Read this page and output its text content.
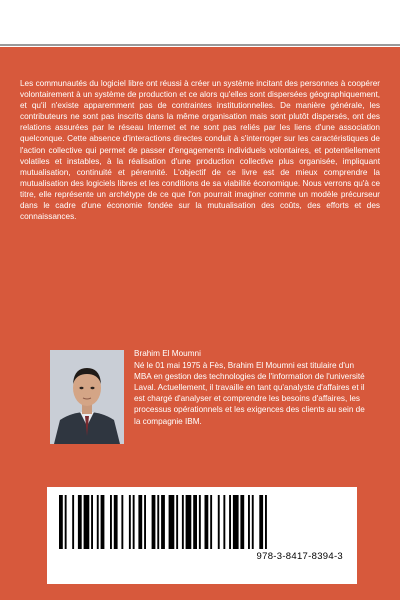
Les communautés du logiciel libre ont réussi à créer un système incitant des personnes à coopérer volontairement à un système de production et ce alors qu'elles sont dispersées géographiquement, et qu'il n'existe apparemment pas de contraintes institutionnelles. De manière générale, les contributeurs ne sont pas inscrits dans la même organisation mais sont plutôt dispersés, ont des relations assurées par le réseau Internet et ne sont pas reliés par les liens d'une association quelconque. Cette absence d'interactions directes conduit à s'interroger sur les caractéristiques de l'action collective qui permet de passer d'engagements individuels volontaires, et potentiellement volatiles et instables, à la réalisation d'une production collective plus organisée, impliquant mutualisation, continuité et pérennité. L'objectif de ce livre est de mieux comprendre la mutualisation des logiciels libres et les conditions de sa viabilité économique. Nous verrons qu'à ce titre, elle représente un archétype de ce que l'on pourrait imaginer comme un modèle précurseur dans le cadre d'une économie fondée sur la mutualisation des coûts, des efforts et des connaissances.

Brahim El Moumni

Né le 01 mai 1975 à Fès, Brahim El Moumni est titulaire d'un MBA en gestion des technologies de l'information de l'université Laval. Actuellement, il travaille en tant qu'analyste d'affaires et il est chargé d'analyser et comprendre les besoins d'affaires, les processus opérationnels et les exigences des clients au sein de la compagnie IBM.

978-3-8417-8394-3
